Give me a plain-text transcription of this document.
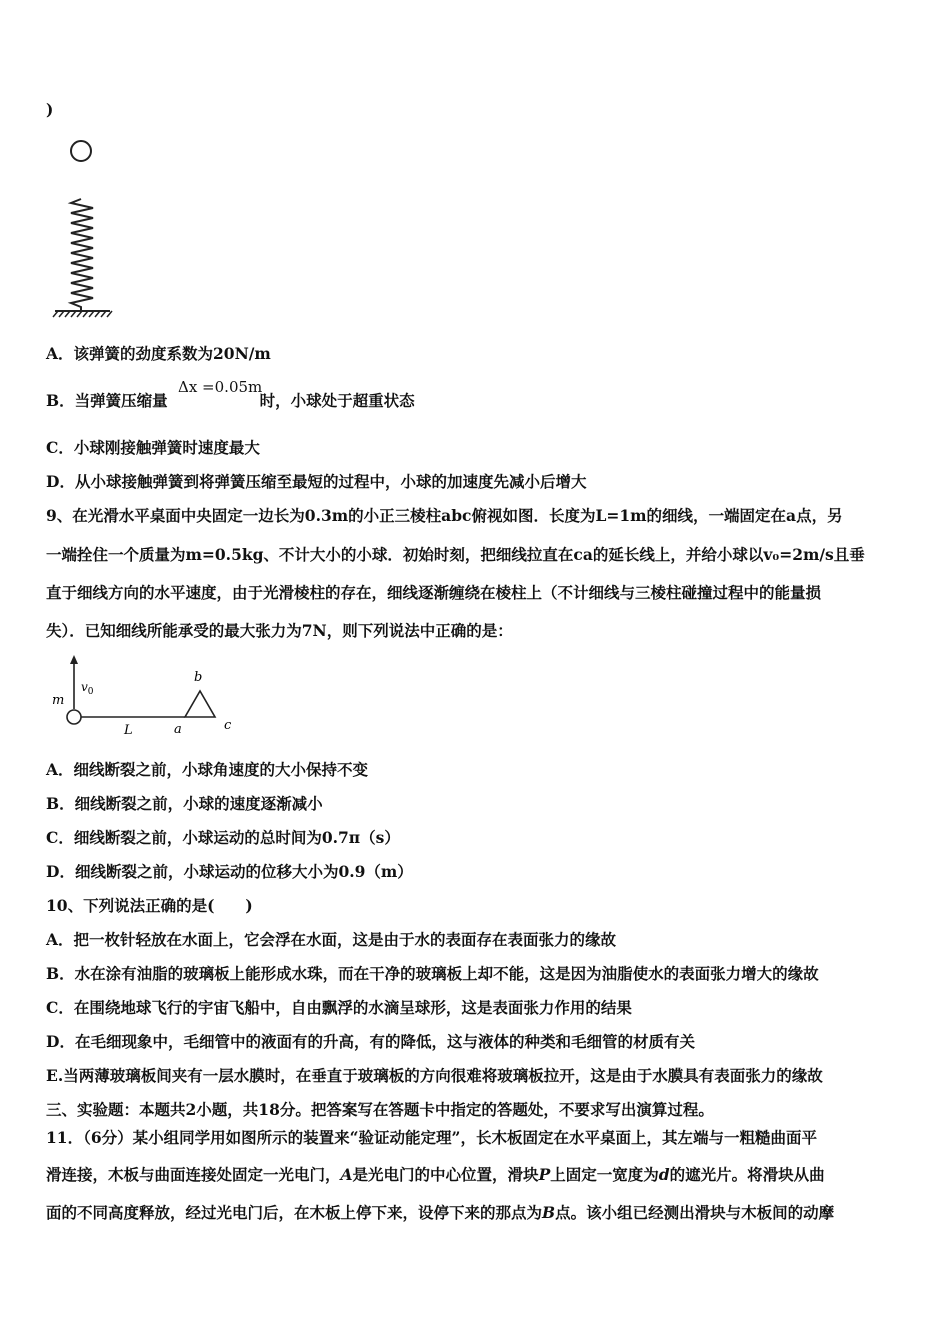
)
A．该弹簧的劲度系数为20N/m
B．当弹簧压缩量	时，小球处于超重状态
Δx =0.05m
C．小球刚接触弹簧时速度最大
D．从小球接触弹簧到将弹簧压缩至最短的过程中，小球的加速度先减小后增大
9、在光滑水平桌面中央固定一边长为0.3m的小正三棱柱abc俯视如图．长度为L=1m的细线，一端固定在a点，另
一端拴住一个质量为m=0.5kg、不计大小的小球．初始时刻，把细线拉直在ca的延长线上，并给小球以v₀=2m/s且垂
直于细线方向的水平速度，由于光滑棱柱的存在，细线逐渐缠绕在棱柱上（不计细线与三棱柱碰撞过程中的能量损
失）．已知细线所能承受的最大张力为7N，则下列说法中正确的是：
m
$v_0$
L	a
b
c
A．细线断裂之前，小球角速度的大小保持不变
B．细线断裂之前，小球的速度逐渐减小
C．细线断裂之前，小球运动的总时间为0.7π（s）
D．细线断裂之前，小球运动的位移大小为0.9（m）
10、下列说法正确的是(　　)
A．把一枚针轻放在水面上，它会浮在水面，这是由于水的表面存在表面张力的缘故
B．水在涂有油脂的玻璃板上能形成水珠，而在干净的玻璃板上却不能，这是因为油脂使水的表面张力增大的缘故
C．在围绕地球飞行的宇宙飞船中，自由飘浮的水滴呈球形，这是表面张力作用的结果
D．在毛细现象中，毛细管中的液面有的升高，有的降低，这与液体的种类和毛细管的材质有关
E.当两薄玻璃板间夹有一层水膜时，在垂直于玻璃板的方向很难将玻璃板拉开，这是由于水膜具有表面张力的缘故
三、实验题：本题共2小题，共18分。把答案写在答题卡中指定的答题处，不要求写出演算过程。
11．（6分）某小组同学用如图所示的装置来“验证动能定理”，长木板固定在水平桌面上，其左端与一粗糙曲面平
滑连接，木板与曲面连接处固定一光电门，A是光电门的中心位置，滑块P上固定一宽度为d的遮光片。将滑块从曲
面的不同高度释放，经过光电门后，在木板上停下来，设停下来的那点为B点。该小组已经测出滑块与木板间的动摩
